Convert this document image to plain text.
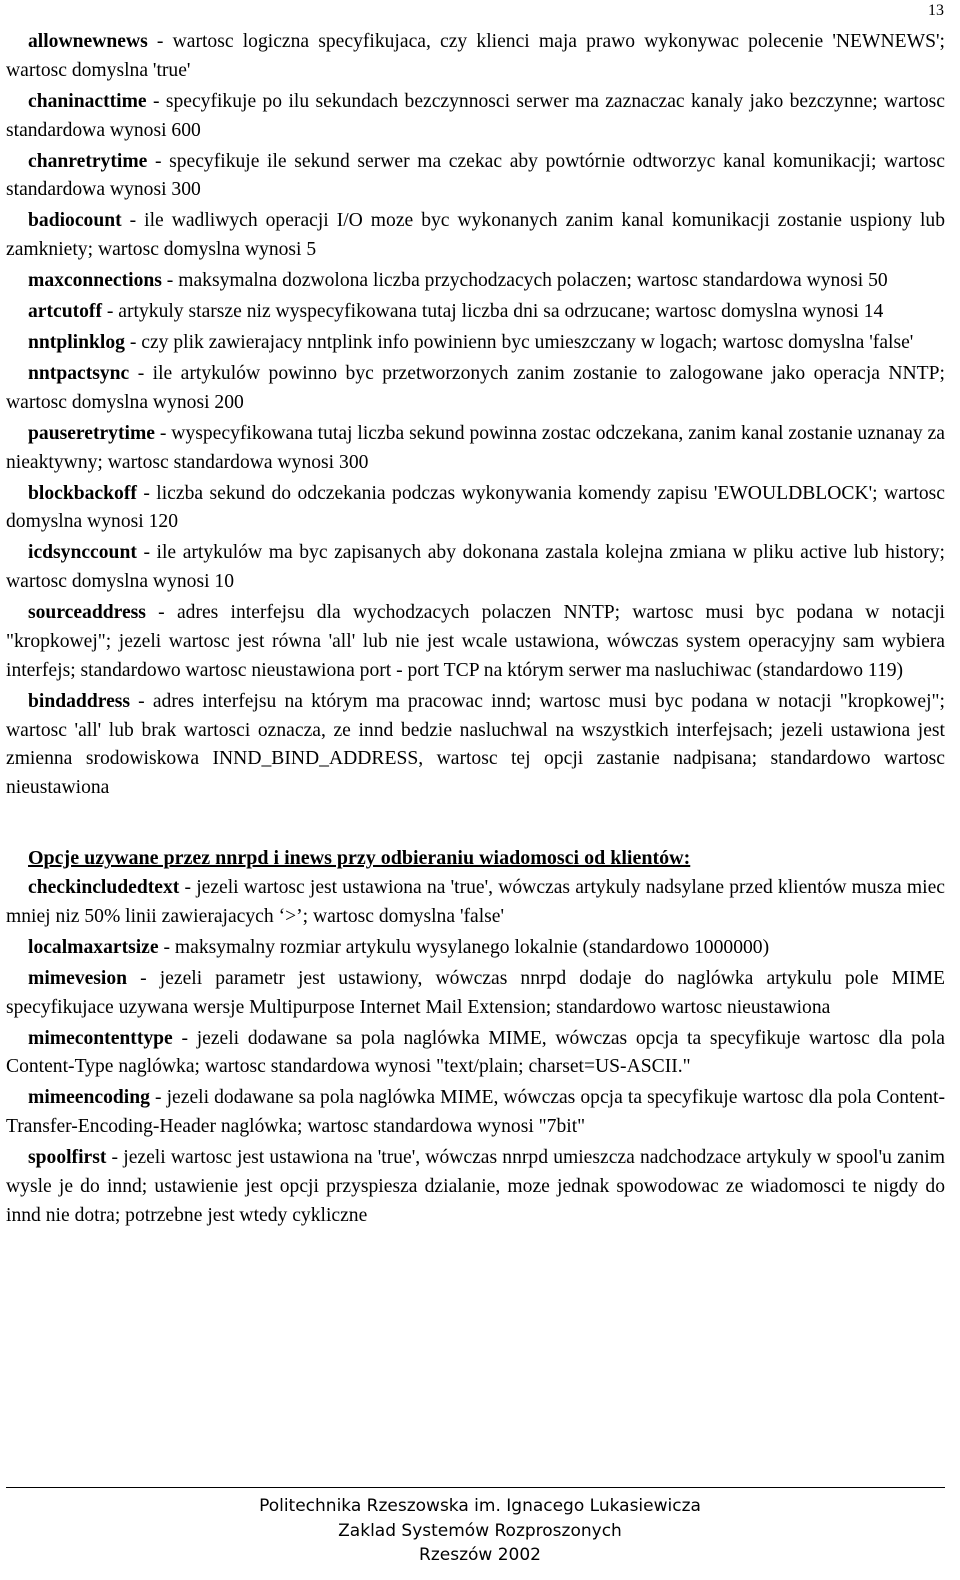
13

allownewnews - wartosc logiczna specyfikujaca, czy klienci maja prawo wykonywac polecenie 'NEWNEWS'; wartosc domyslna 'true'

chaninacttime - specyfikuje po ilu sekundach bezczynnosci serwer ma zaznaczac kanaly jako bezczynne; wartosc standardowa wynosi 600

chanretrytime - specyfikuje ile sekund serwer ma czekac aby powtórnie odtworzyc kanal komunikacji; wartosc standardowa wynosi 300

badiocount - ile wadliwych operacji I/O moze byc wykonanych zanim kanal komunikacji zostanie uspiony lub zamkniety; wartosc domyslna wynosi 5

maxconnections - maksymalna dozwolona liczba przychodzacych polaczen; wartosc standardowa wynosi 50

artcutoff - artykuly starsze niz wyspecyfikowana tutaj liczba dni sa odrzucane; wartosc domyslna wynosi 14

nntplinklog - czy plik zawierajacy nntplink info powinienn byc umieszczany w logach; wartosc domyslna 'false'

nntpactsync - ile artykulów powinno byc przetworzonych zanim zostanie to zalogowane jako operacja NNTP; wartosc domyslna wynosi 200

pauseretrytime - wyspecyfikowana tutaj liczba sekund powinna zostac odczekana, zanim kanal zostanie uznanay za nieaktywny; wartosc standardowa wynosi 300

blockbackoff - liczba sekund do odczekania podczas wykonywania komendy zapisu 'EWOULDBLOCK'; wartosc domyslna wynosi 120

icdsynccount - ile artykulów ma byc zapisanych aby dokonana zastala kolejna zmiana w pliku active lub history; wartosc domyslna wynosi 10

sourceaddress - adres interfejsu dla wychodzacych polaczen NNTP; wartosc musi byc podana w notacji "kropkowej"; jezeli wartosc jest równa 'all' lub nie jest wcale ustawiona, wówczas system operacyjny sam wybiera interfejs; standardowo wartosc nieustawiona port - port TCP na którym serwer ma nasluchiwac (standardowo 119)

bindaddress - adres interfejsu na którym ma pracowac innd; wartosc musi byc podana w notacji "kropkowej"; wartosc 'all' lub brak wartosci oznacza, ze innd bedzie nasluchwal na wszystkich interfejsach; jezeli ustawiona jest zmienna srodowiskowa INND_BIND_ADDRESS, wartosc tej opcji zastanie nadpisana; standardowo wartosc nieustawiona

Opcje uzywane przez nnrpd i inews przy odbieraniu wiadomosci od klientów:

checkincludedtext - jezeli wartosc jest ustawiona na 'true', wówczas artykuly nadsylane przed klientów musza miec mniej niz 50% linii zawierajacych ‘>’; wartosc domyslna 'false'

localmaxartsize - maksymalny rozmiar artykulu wysylanego lokalnie (standardowo 1000000)

mimevesion - jezeli parametr jest ustawiony, wówczas nnrpd dodaje do naglówka artykulu pole MIME specyfikujace uzywana wersje Multipurpose Internet Mail Extension; standardowo wartosc nieustawiona

mimecontenttype - jezeli dodawane sa pola naglówka MIME, wówczas opcja ta specyfikuje wartosc dla pola Content-Type naglówka; wartosc standardowa wynosi "text/plain; charset=US-ASCII."

mimeencoding - jezeli dodawane sa pola naglówka MIME, wówczas opcja ta specyfikuje wartosc dla pola Content-Transfer-Encoding-Header naglówka; wartosc standardowa wynosi "7bit"

spoolfirst - jezeli wartosc jest ustawiona na 'true', wówczas nnrpd umieszcza nadchodzace artykuly w spool'u zanim wysle je do innd; ustawienie jest opcji przyspiesza dzialanie, moze jednak spowodowac ze wiadomosci te nigdy do innd nie dotra; potrzebne jest wtedy cykliczne

Politechnika Rzeszowska im. Ignacego Lukasiewicza
Zaklad Systemów Rozproszonych
Rzeszów 2002
